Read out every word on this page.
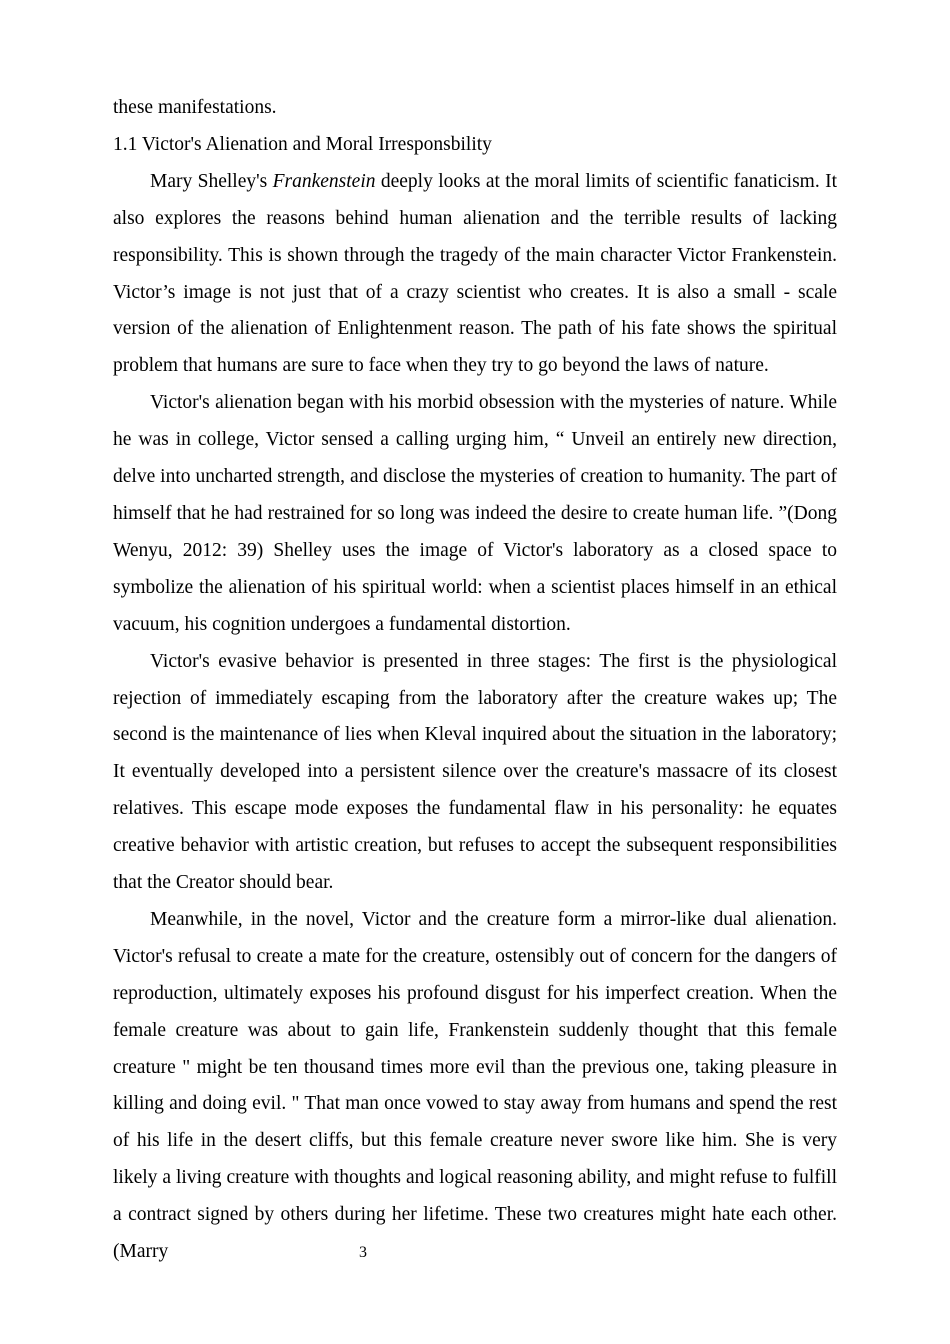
these manifestations.

1.1 Victor's Alienation and Moral Irresponsbility

Mary Shelley's Frankenstein deeply looks at the moral limits of scientific fanaticism. It also explores the reasons behind human alienation and the terrible results of lacking responsibility. This is shown through the tragedy of the main character Victor Frankenstein. Victor’s image is not just that of a crazy scientist who creates. It is also a small - scale version of the alienation of Enlightenment reason. The path of his fate shows the spiritual problem that humans are sure to face when they try to go beyond the laws of nature.

Victor's alienation began with his morbid obsession with the mysteries of nature. While he was in college, Victor sensed a calling urging him, “ Unveil an entirely new direction, delve into uncharted strength, and disclose the mysteries of creation to humanity. The part of himself that he had restrained for so long was indeed the desire to create human life. ”(Dong Wenyu, 2012: 39) Shelley uses the image of Victor's laboratory as a closed space to symbolize the alienation of his spiritual world: when a scientist places himself in an ethical vacuum, his cognition undergoes a fundamental distortion.

Victor's evasive behavior is presented in three stages: The first is the physiological rejection of immediately escaping from the laboratory after the creature wakes up; The second is the maintenance of lies when Kleval inquired about the situation in the laboratory; It eventually developed into a persistent silence over the creature's massacre of its closest relatives. This escape mode exposes the fundamental flaw in his personality: he equates creative behavior with artistic creation, but refuses to accept the subsequent responsibilities that the Creator should bear.

Meanwhile, in the novel, Victor and the creature form a mirror-like dual alienation. Victor's refusal to create a mate for the creature, ostensibly out of concern for the dangers of reproduction, ultimately exposes his profound disgust for his imperfect creation. When the female creature was about to gain life, Frankenstein suddenly thought that this female creature " might be ten thousand times more evil than the previous one, taking pleasure in killing and doing evil. " That man once vowed to stay away from humans and spend the rest of his life in the desert cliffs, but this female creature never swore like him. She is very likely a living creature with thoughts and logical reasoning ability, and might refuse to fulfill a contract signed by others during her lifetime. These two creatures might hate each other. (Marry	3
